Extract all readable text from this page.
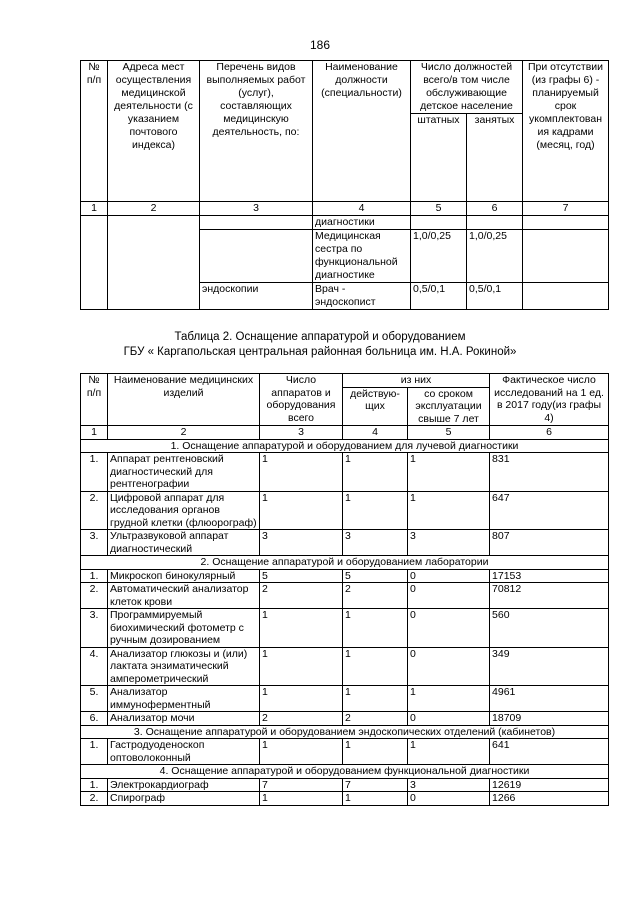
186
№ п/п	Адреса мест осуществления медицинской деятельности (с указанием почтового индекса)	Перечень видов выполняемых работ (услуг), составляющих медицинскую деятельность, по:	Наименование должности (специальности)	Число должностей всего/в том числе обслуживающие детское население		При отсутствии (из графы 6) - планируемый срок укомплектован ия кадрами (месяц, год)
				штатных	занятых	
1	2	3	4	5	6	7
			диагностики			
			Медицинская сестра по функциональной диагностике	1,0/0,25	1,0/0,25	
		эндоскопии	Врач - эндоскопист	0,5/0,1	0,5/0,1	
Таблица 2. Оснащение аппаратурой и оборудованием
ГБУ « Каргапольская центральная районная больница им. Н.А. Рокиной»
№ п/п	Наименование медицинских изделий	Число аппаратов и оборудования всего	из них		Фактическое число исследований на 1 ед. в 2017 году(из графы 4)
			действую- щих	со сроком эксплуатации свыше 7 лет	
1	2	3	4	5	6
1. Оснащение аппаратурой и оборудованием для лучевой диагностики					
1.	Аппарат рентгеновский диагностический для рентгенографии	1	1	1	831
2.	Цифровой аппарат для исследования органов грудной клетки (флюорограф)	1	1	1	647
3.	Ультразвуковой аппарат диагностический	3	3	3	807
2. Оснащение аппаратурой и оборудованием лаборатории					
1.	Микроскоп бинокулярный	5	5	0	17153
2.	Автоматический анализатор клеток крови	2	2	0	70812
3.	Программируемый биохимический фотометр с ручным дозированием	1	1	0	560
4.	Анализатор глюкозы и (или) лактата энзиматический амперометрический	1	1	0	349
5.	Анализатор иммуноферментный	1	1	1	4961
6.	Анализатор мочи	2	2	0	18709
3. Оснащение аппаратурой и оборудованием эндоскопических отделений (кабинетов)					
1.	Гастродуоденоскоп оптоволоконный	1	1	1	641
4. Оснащение аппаратурой и оборудованием функциональной диагностики					
1.	Электрокардиограф	7	7	3	12619
2.	Спирограф	1	1	0	1266
